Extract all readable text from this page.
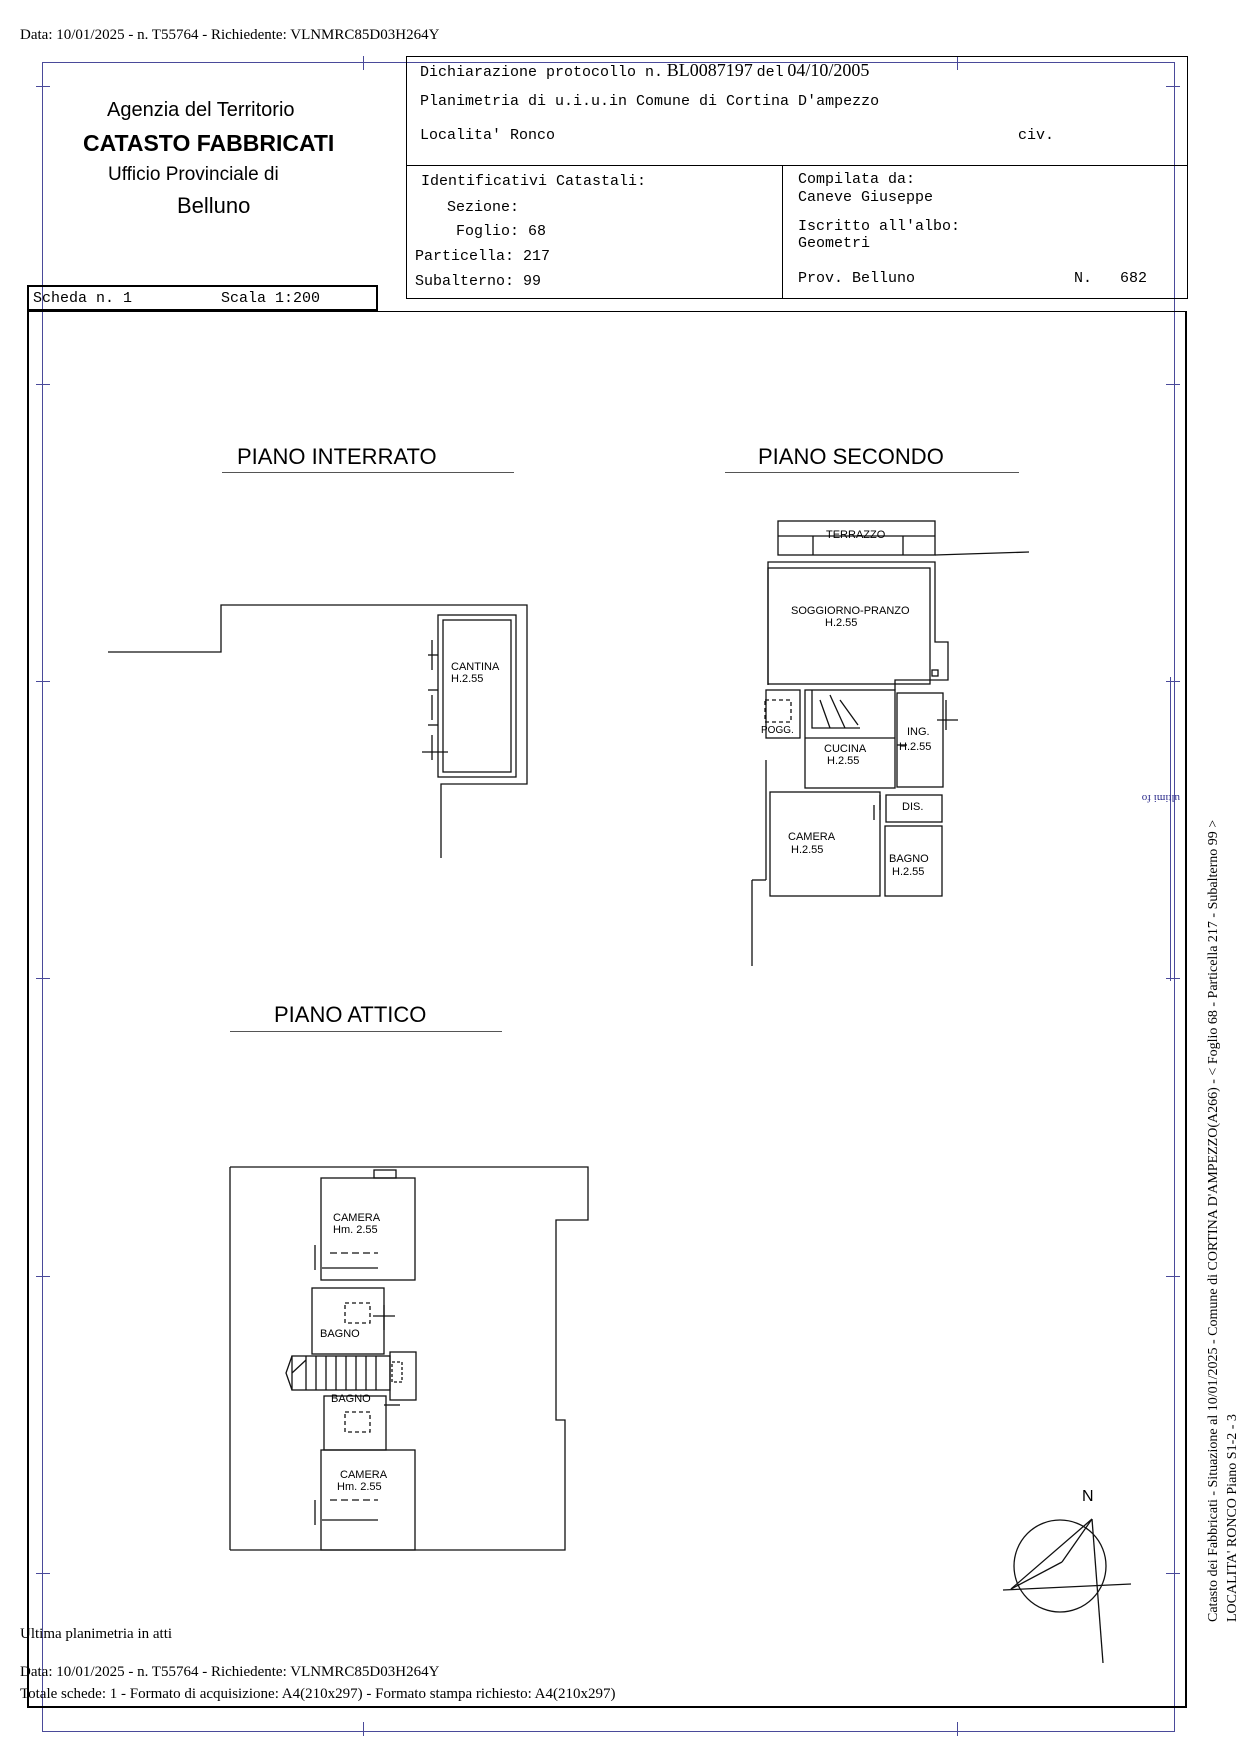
Data: 10/01/2025 - n. T55764 - Richiedente: VLNMRC85D03H264Y
Agenzia del Territorio
CATASTO FABBRICATI
Ufficio Provinciale di
Belluno
Dichiarazione protocollo n. BL0087197 del 04/10/2005
Planimetria di u.i.u.in Comune di Cortina D'ampezzo
Localita' Ronco	civ.
Identificativi Catastali:
Sezione:
Foglio: 68
Particella: 217
Subalterno: 99
Compilata da:
Caneve Giuseppe
Iscritto all'albo:
Geometri
Prov. Belluno	N. 682
Scheda n. 1	Scala 1:200
PIANO INTERRATO	PIANO SECONDO
PIANO ATTICO
CANTINA
H.2.55
TERRAZZO
SOGGIORNO-PRANZO
H.2.55
POGG.
CUCINA
H.2.55
ING.
H.2.55
DIS.
CAMERA
H.2.55
BAGNO
H.2.55
CAMERA
Hm. 2.55
BAGNO
BAGNO
CAMERA
Hm. 2.55
N
ultimi fo
Catasto dei Fabbricati - Situazione al 10/01/2025 - Comune di CORTINA D'AMPEZZO(A266) - < Foglio 68 - Particella 217 - Subalterno 99 > LOCALITA' RONCO Piano S1-2 - 3
Ultima planimetria in atti
Data: 10/01/2025 - n. T55764 - Richiedente: VLNMRC85D03H264Y
Totale schede: 1 - Formato di acquisizione: A4(210x297) - Formato stampa richiesto: A4(210x297)
